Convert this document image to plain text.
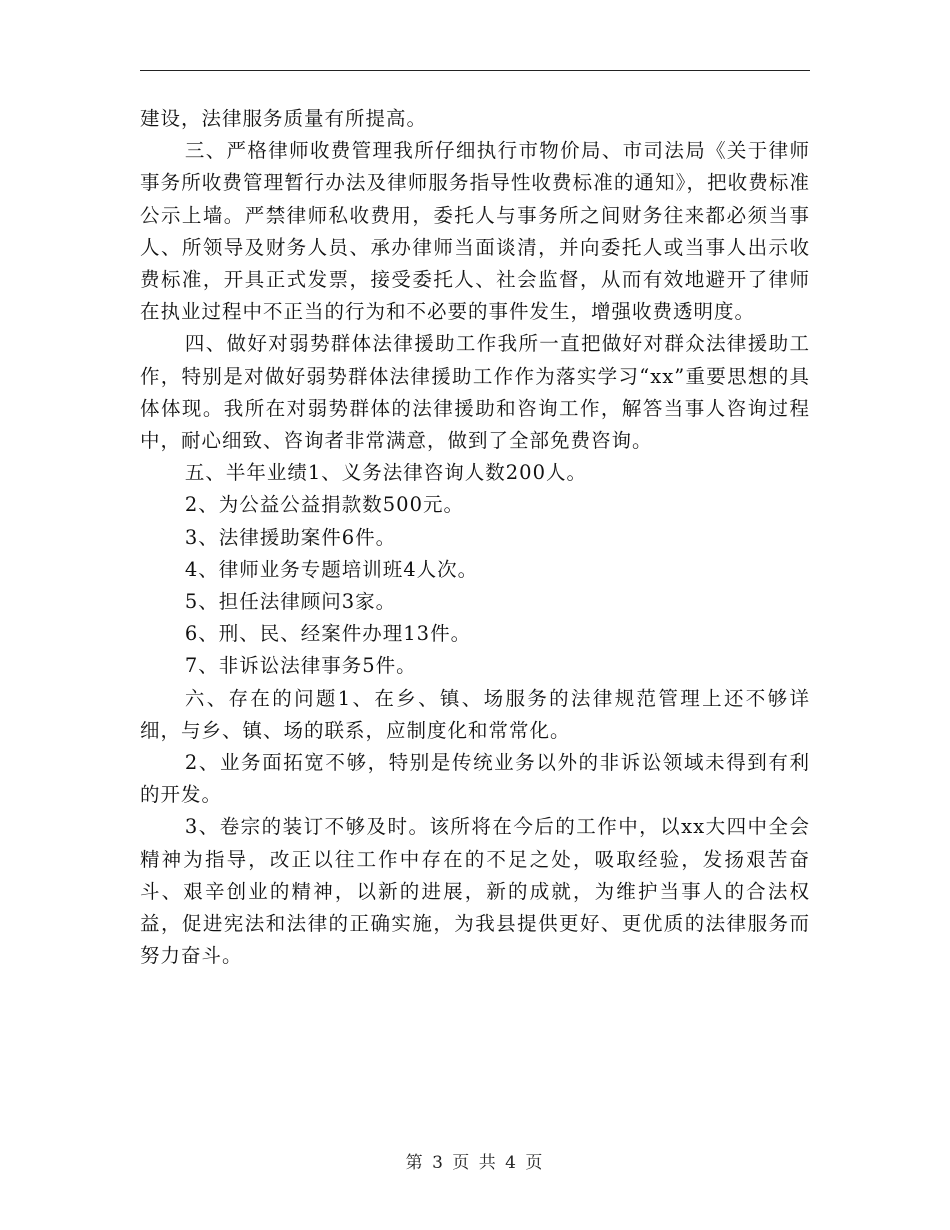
建设，法律服务质量有所提高。

三、严格律师收费管理我所仔细执行市物价局、市司法局《关于律师事务所收费管理暂行办法及律师服务指导性收费标准的通知》，把收费标准公示上墙。严禁律师私收费用，委托人与事务所之间财务往来都必须当事人、所领导及财务人员、承办律师当面谈清，并向委托人或当事人出示收费标准，开具正式发票，接受委托人、社会监督，从而有效地避开了律师在执业过程中不正当的行为和不必要的事件发生，增强收费透明度。

四、做好对弱势群体法律援助工作我所一直把做好对群众法律援助工作，特别是对做好弱势群体法律援助工作作为落实学习“xx”重要思想的具体体现。我所在对弱势群体的法律援助和咨询工作，解答当事人咨询过程中，耐心细致、咨询者非常满意，做到了全部免费咨询。

五、半年业绩1、义务法律咨询人数200人。

2、为公益公益捐款数500元。

3、法律援助案件6件。

4、律师业务专题培训班4人次。

5、担任法律顾问3家。

6、刑、民、经案件办理13件。

7、非诉讼法律事务5件。

六、存在的问题1、在乡、镇、场服务的法律规范管理上还不够详细，与乡、镇、场的联系，应制度化和常常化。

2、业务面拓宽不够，特别是传统业务以外的非诉讼领域未得到有利的开发。

3、卷宗的装订不够及时。该所将在今后的工作中，以xx大四中全会精神为指导，改正以往工作中存在的不足之处，吸取经验，发扬艰苦奋斗、艰辛创业的精神，以新的进展，新的成就，为维护当事人的合法权益，促进宪法和法律的正确实施，为我县提供更好、更优质的法律服务而努力奋斗。

第 3 页 共 4 页
